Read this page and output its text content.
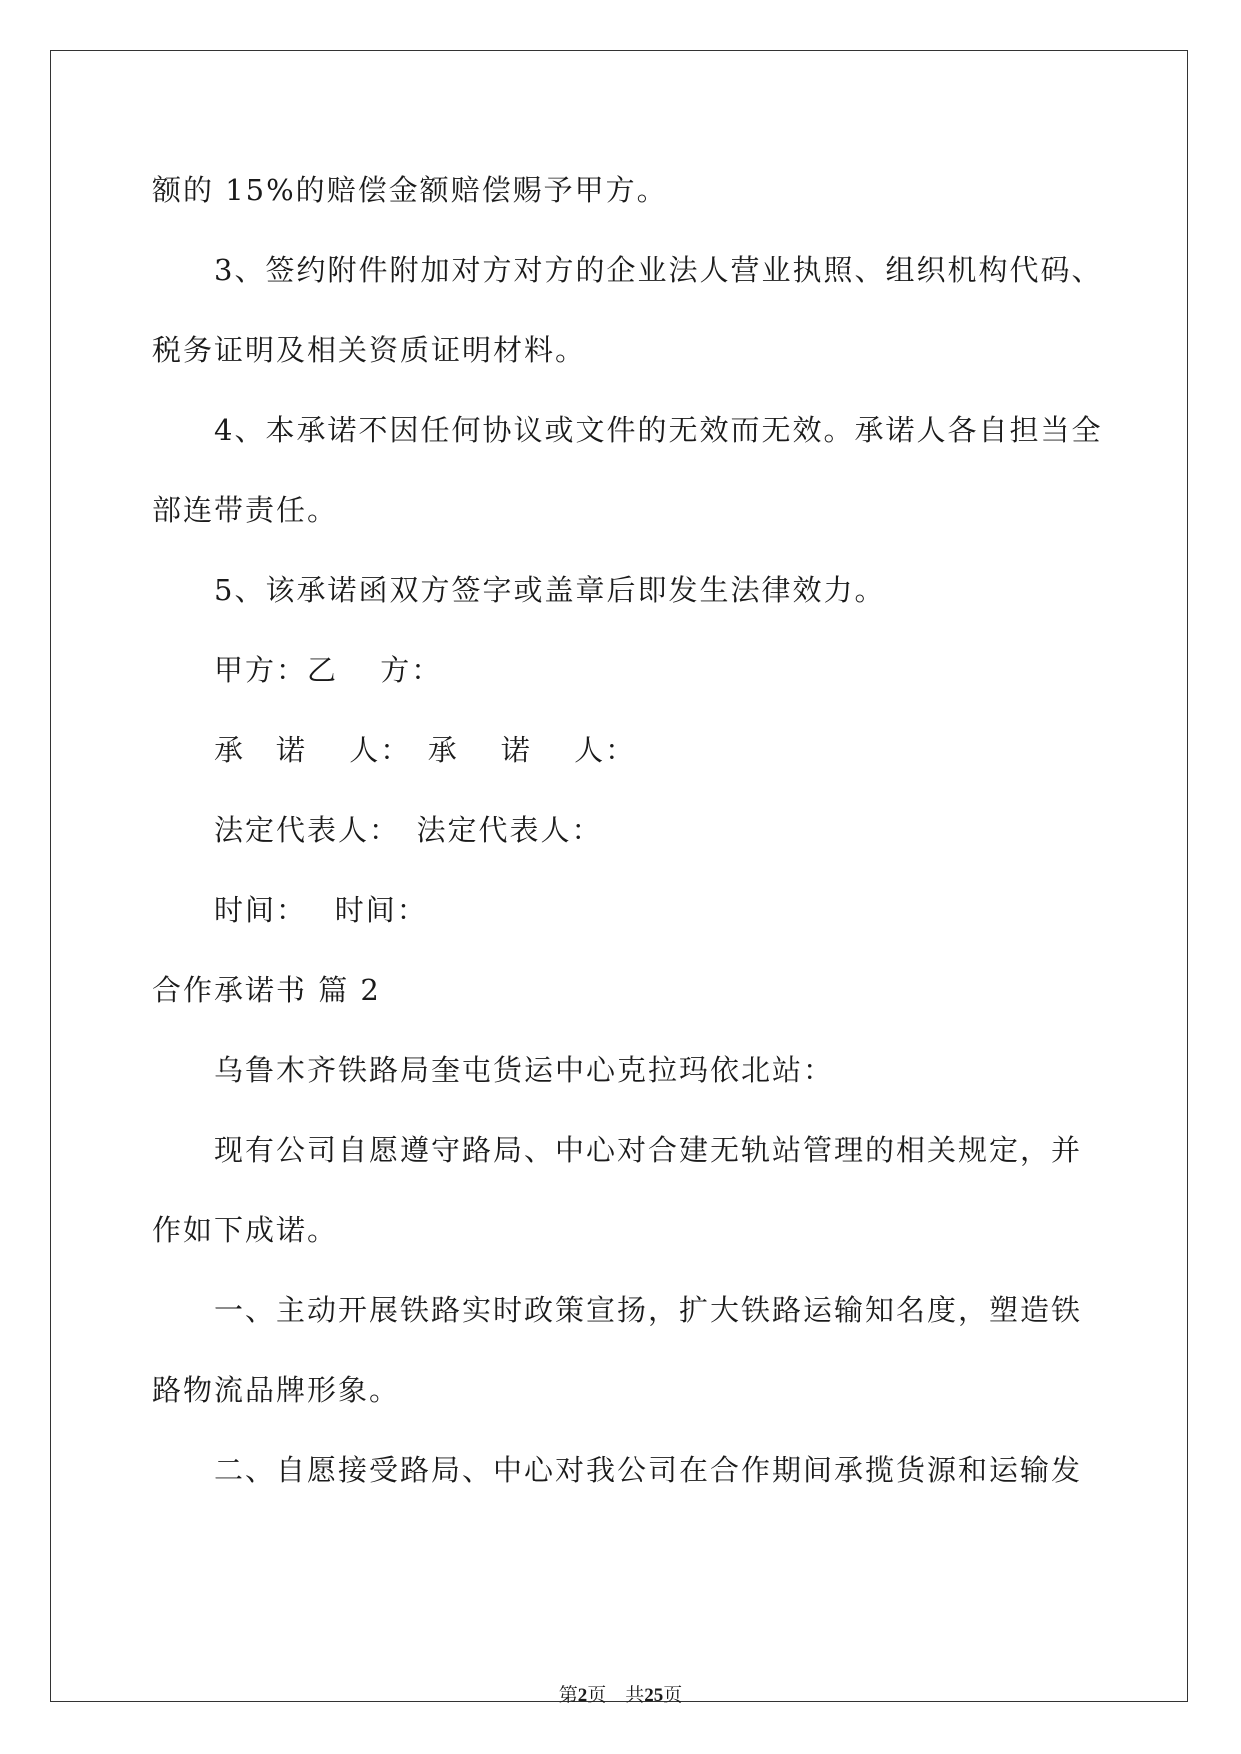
额的 15%的赔偿金额赔偿赐予甲方。
3、签约附件附加对方对方的企业法人营业执照、组织机构代码、
税务证明及相关资质证明材料。
4、本承诺不因任何协议或文件的无效而无效。承诺人各自担当全
部连带责任。
5、该承诺函双方签字或盖章后即发生法律效力。
甲方：乙　 方：
承　诺　 人：　承　 诺　 人：
法定代表人：　法定代表人：
时间：　 时间：
合作承诺书 篇 2
乌鲁木齐铁路局奎屯货运中心克拉玛依北站：
现有公司自愿遵守路局、中心对合建无轨站管理的相关规定，并
作如下成诺。
一、主动开展铁路实时政策宣扬，扩大铁路运输知名度，塑造铁
路物流品牌形象。
二、自愿接受路局、中心对我公司在合作期间承揽货源和运输发
第2页　共25页
